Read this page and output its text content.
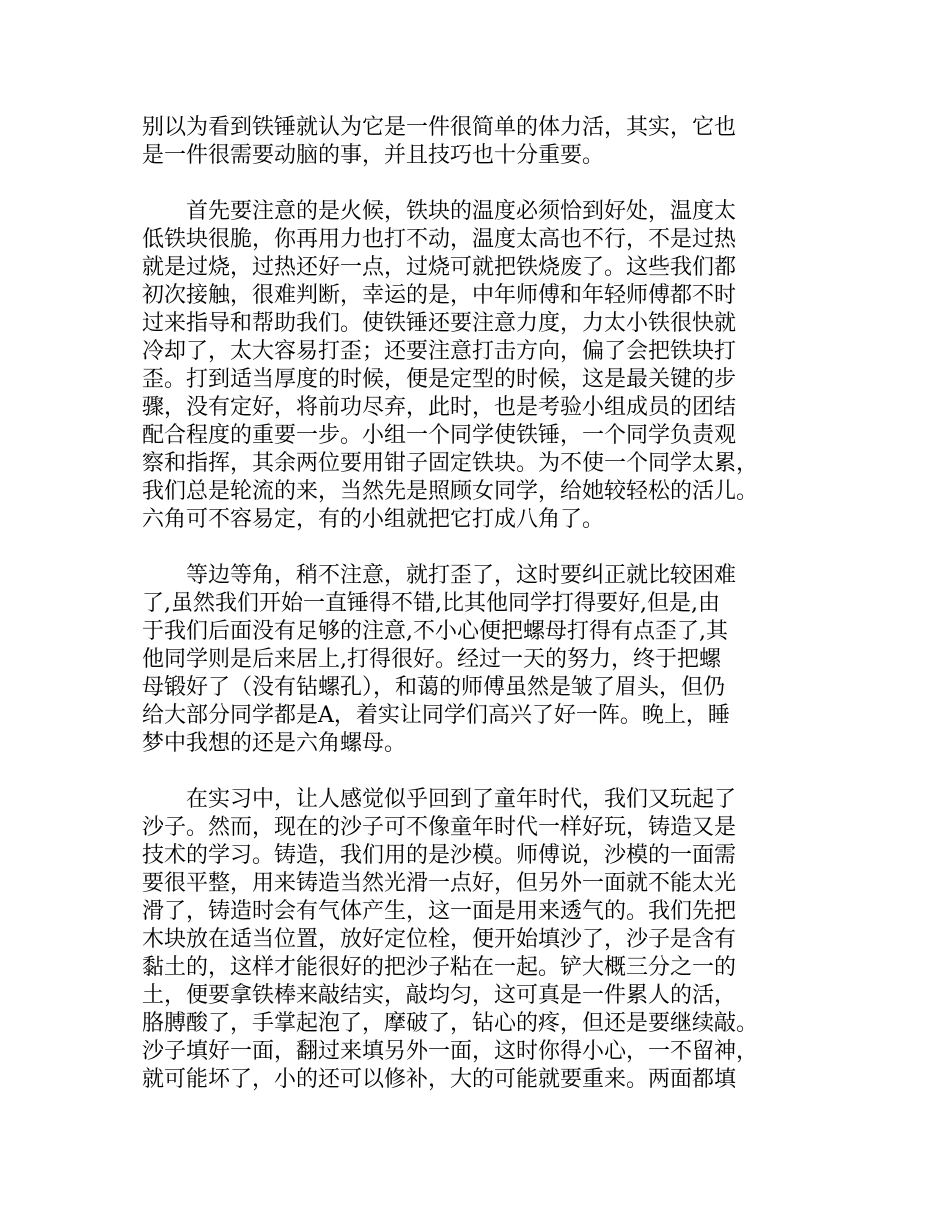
别以为看到铁锤就认为它是一件很简单的体力活，其实，它也
是一件很需要动脑的事，并且技巧也十分重要。
　　首先要注意的是火候，铁块的温度必须恰到好处，温度太
低铁块很脆，你再用力也打不动，温度太高也不行，不是过热
就是过烧，过热还好一点，过烧可就把铁烧废了。这些我们都
初次接触，很难判断，幸运的是，中年师傅和年轻师傅都不时
过来指导和帮助我们。使铁锤还要注意力度，力太小铁很快就
冷却了，太大容易打歪；还要注意打击方向，偏了会把铁块打
歪。打到适当厚度的时候，便是定型的时候，这是最关键的步
骤，没有定好，将前功尽弃，此时，也是考验小组成员的团结
配合程度的重要一步。小组一个同学使铁锤，一个同学负责观
察和指挥，其余两位要用钳子固定铁块。为不使一个同学太累，
我们总是轮流的来，当然先是照顾女同学，给她较轻松的活儿。
六角可不容易定，有的小组就把它打成八角了。
　　等边等角，稍不注意，就打歪了，这时要纠正就比较困难
了,虽然我们开始一直锤得不错,比其他同学打得要好,但是,由
于我们后面没有足够的注意,不小心便把螺母打得有点歪了,其
他同学则是后来居上,打得很好。经过一天的努力，终于把螺
母锻好了（没有钻螺孔），和蔼的师傅虽然是皱了眉头，但仍
给大部分同学都是A，着实让同学们高兴了好一阵。晚上，睡
梦中我想的还是六角螺母。
　　在实习中，让人感觉似乎回到了童年时代，我们又玩起了
沙子。然而，现在的沙子可不像童年时代一样好玩，铸造又是
技术的学习。铸造，我们用的是沙模。师傅说，沙模的一面需
要很平整，用来铸造当然光滑一点好，但另外一面就不能太光
滑了，铸造时会有气体产生，这一面是用来透气的。我们先把
木块放在适当位置，放好定位栓，便开始填沙了，沙子是含有
黏土的，这样才能很好的把沙子粘在一起。铲大概三分之一的
土，便要拿铁棒来敲结实，敲均匀，这可真是一件累人的活，
胳膊酸了，手掌起泡了，摩破了，钻心的疼，但还是要继续敲。
沙子填好一面，翻过来填另外一面，这时你得小心，一不留神，
就可能坏了，小的还可以修补，大的可能就要重来。两面都填
